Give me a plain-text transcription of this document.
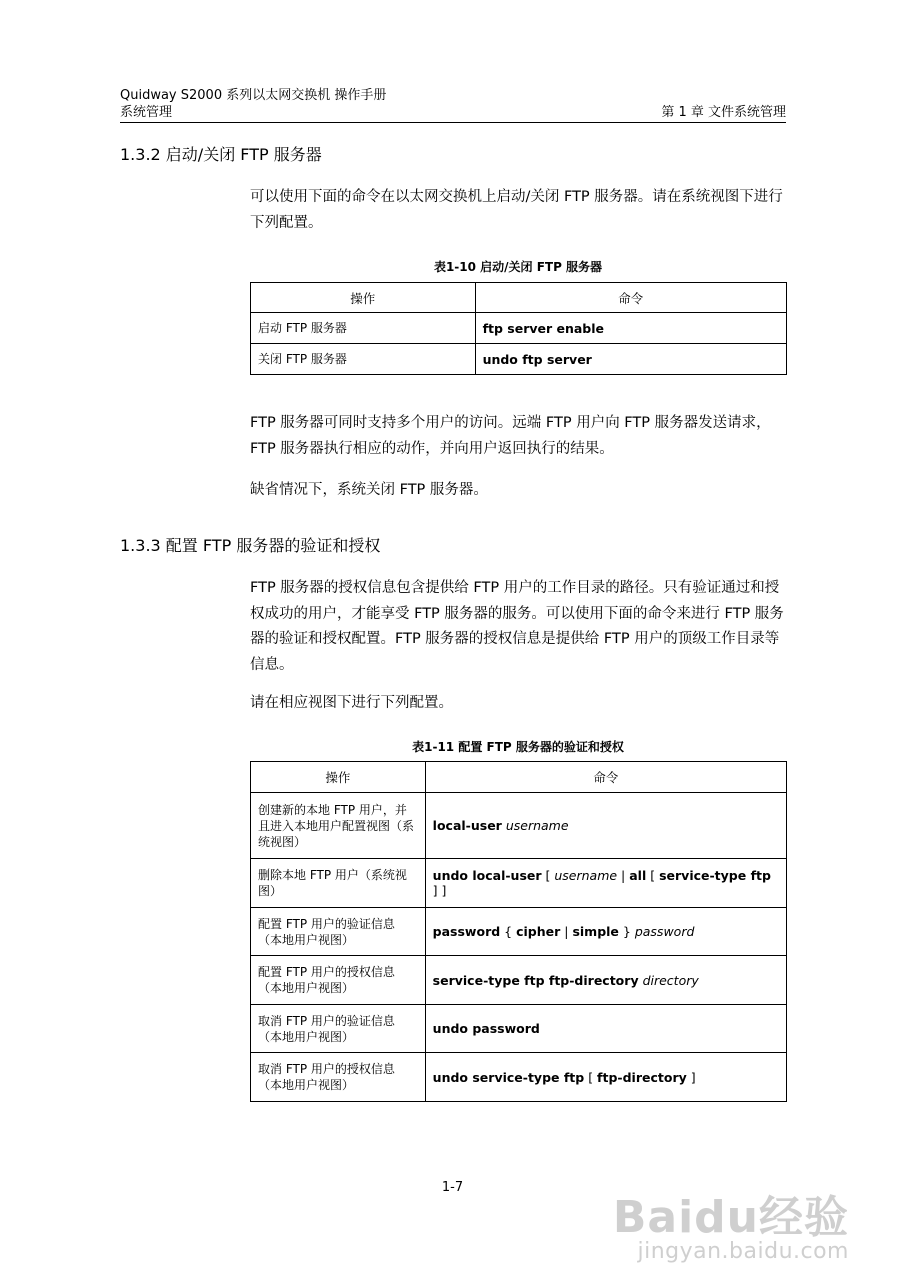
Quidway S2000 系列以太网交换机 操作手册
系统管理	第 1 章 文件系统管理
1.3.2 启动/关闭 FTP 服务器

可以使用下面的命令在以太网交换机上启动/关闭 FTP 服务器。请在系统视图下进行下列配置。

表1-10 启动/关闭 FTP 服务器
操作	命令
启动 FTP 服务器	ftp server enable
关闭 FTP 服务器	undo ftp server

FTP 服务器可同时支持多个用户的访问。远端 FTP 用户向 FTP 服务器发送请求，FTP 服务器执行相应的动作，并向用户返回执行的结果。

缺省情况下，系统关闭 FTP 服务器。

1.3.3 配置 FTP 服务器的验证和授权

FTP 服务器的授权信息包含提供给 FTP 用户的工作目录的路径。只有验证通过和授权成功的用户，才能享受 FTP 服务器的服务。可以使用下面的命令来进行 FTP 服务器的验证和授权配置。FTP 服务器的授权信息是提供给 FTP 用户的顶级工作目录等信息。

请在相应视图下进行下列配置。

表1-11 配置 FTP 服务器的验证和授权
操作	命令
创建新的本地 FTP 用户，并且进入本地用户配置视图（系统视图）	local-user username
删除本地 FTP 用户（系统视图）	undo local-user [ username | all [ service-type ftp ] ]
配置 FTP 用户的验证信息（本地用户视图）	password { cipher | simple } password
配置 FTP 用户的授权信息（本地用户视图）	service-type ftp ftp-directory directory
取消 FTP 用户的验证信息（本地用户视图）	undo password
取消 FTP 用户的授权信息（本地用户视图）	undo service-type ftp [ ftp-directory ]
1-7
Baidu经验
jingyan.baidu.com
